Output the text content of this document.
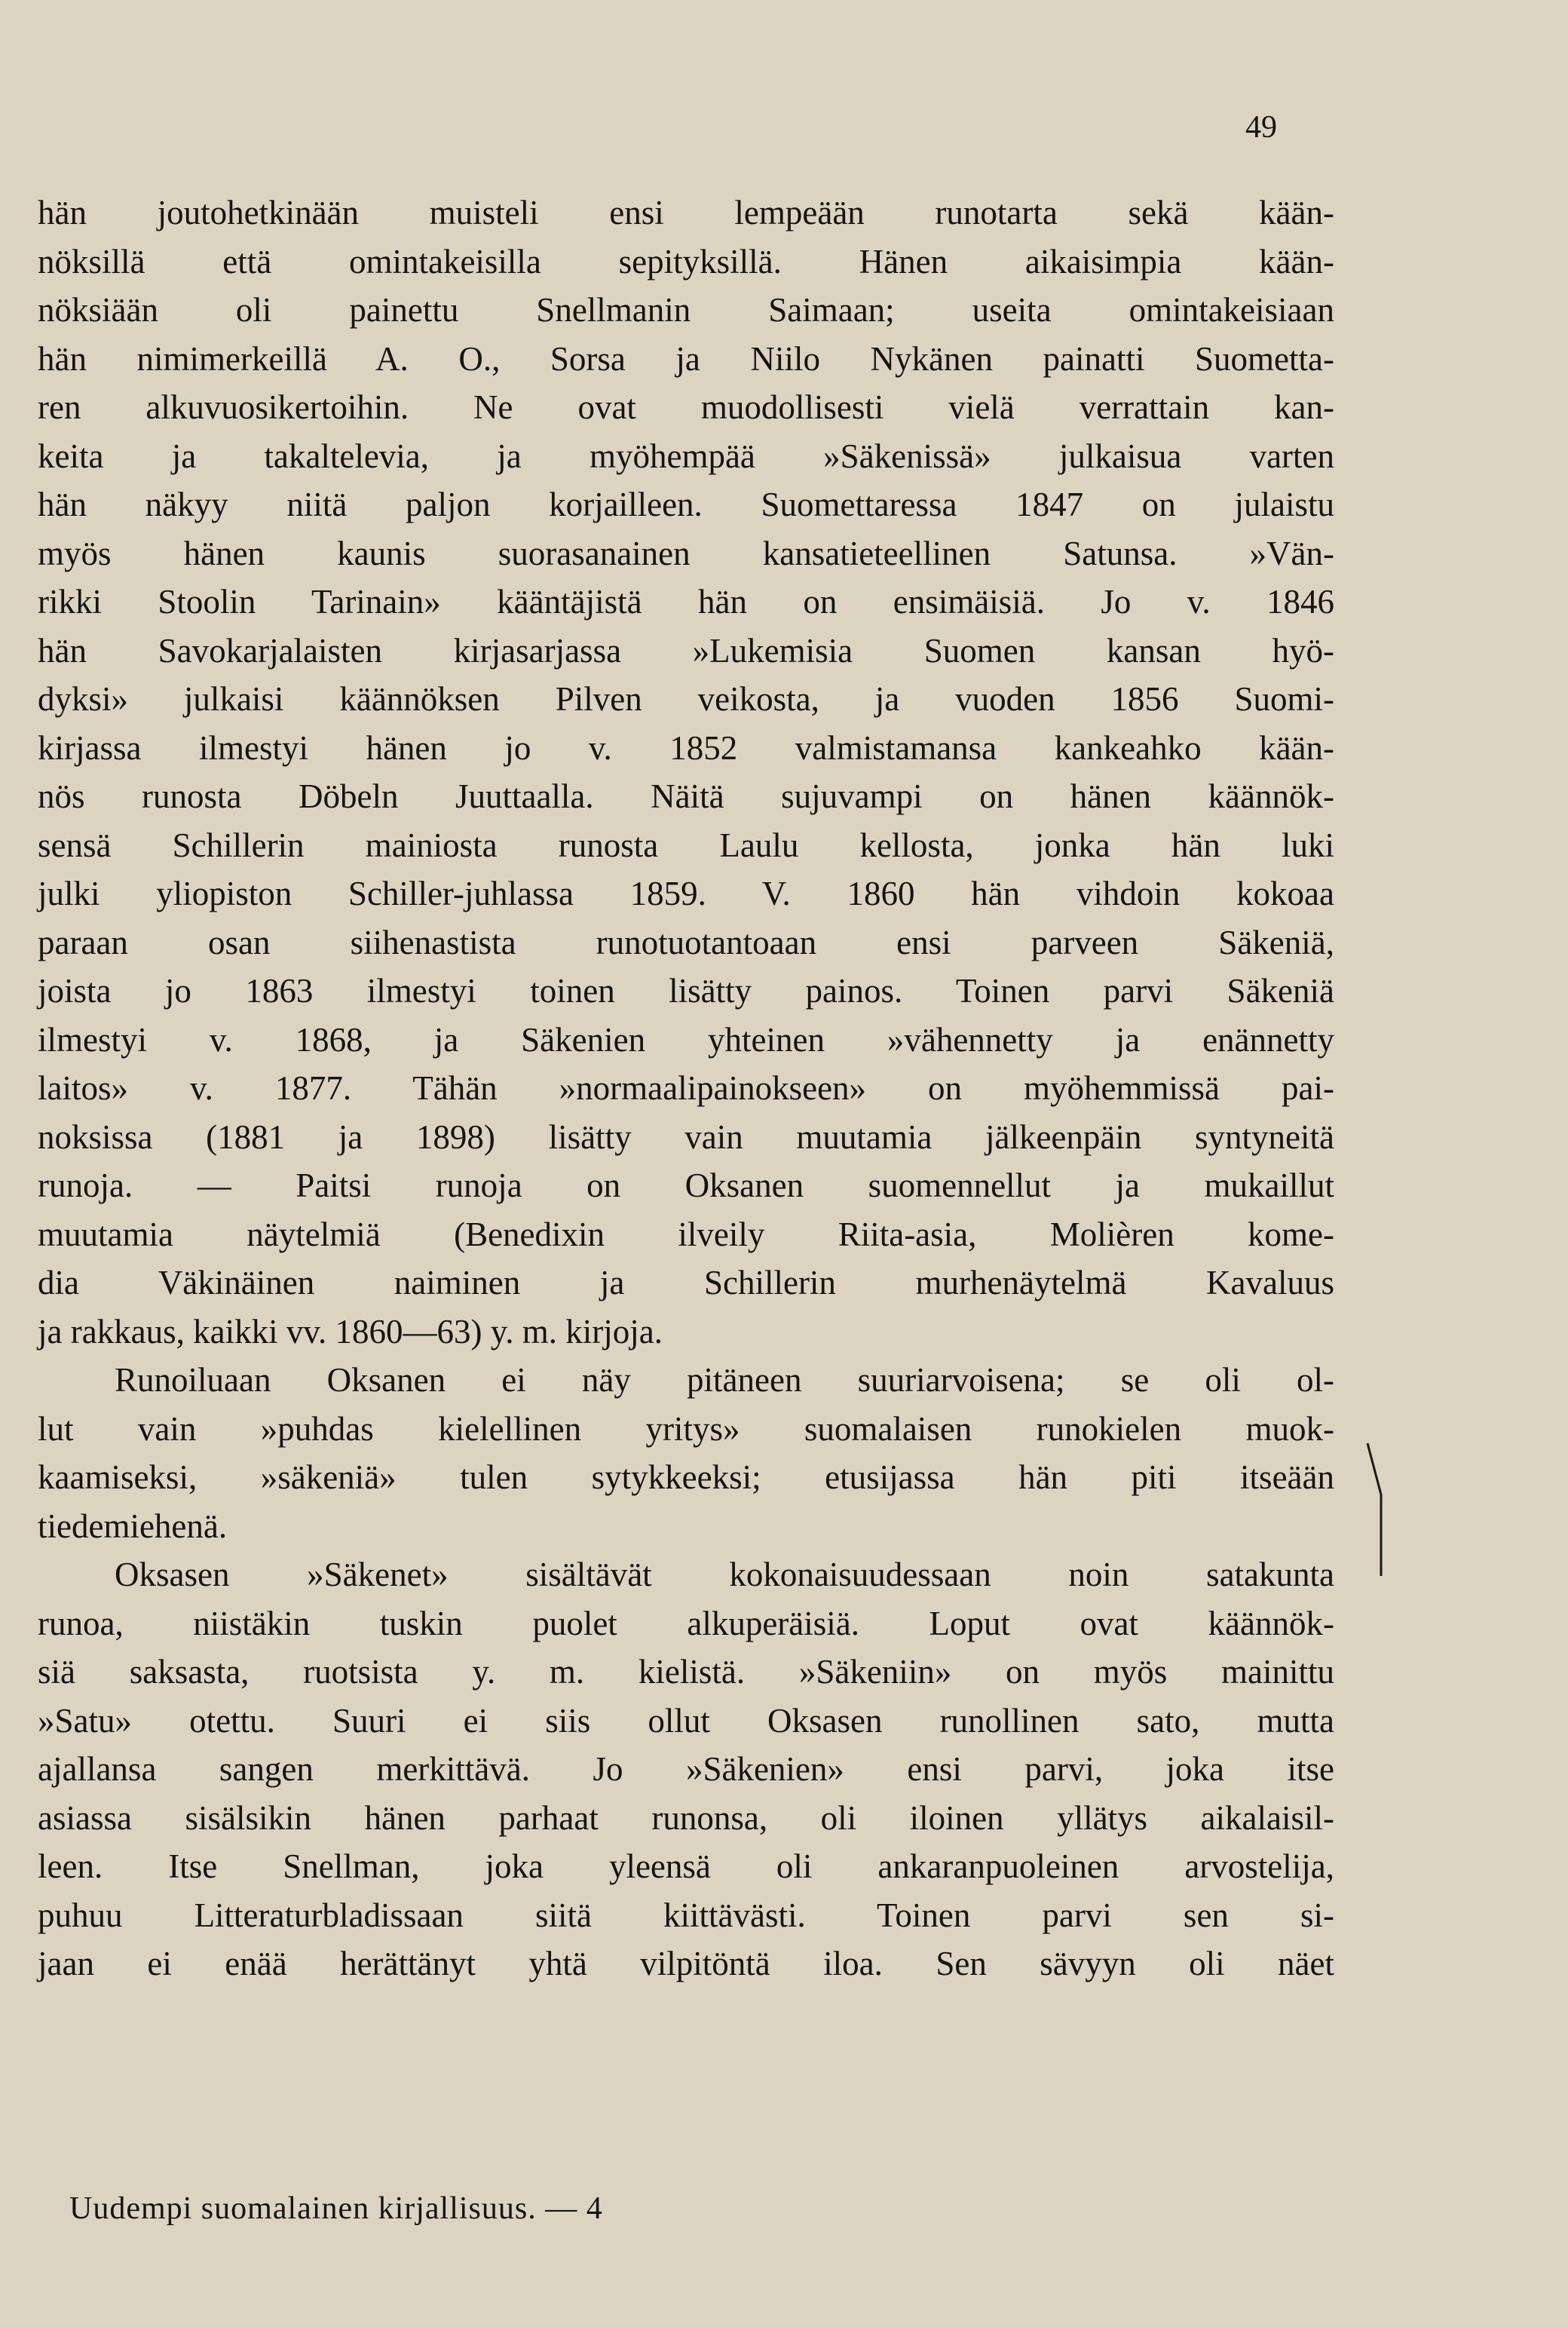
49
hän joutohetkinään muisteli ensi lempeään runotarta sekä kään-
nöksillä että omintakeisilla sepityksillä. Hänen aikaisimpia kään-
nöksiään oli painettu Snellmanin Saimaan; useita omintakeisiaan
hän nimimerkeillä A. O., Sorsa ja Niilo Nykänen painatti Suometta-
ren alkuvuosikertoihin. Ne ovat muodollisesti vielä verrattain kan-
keita ja takaltelevia, ja myöhempää »Säkenissä» julkaisua varten
hän näkyy niitä paljon korjailleen. Suomettaressa 1847 on julaistu
myös hänen kaunis suorasanainen kansatieteellinen Satunsa. »Vän-
rikki Stoolin Tarinain» kääntäjistä hän on ensimäisiä. Jo v. 1846
hän Savokarjalaisten kirjasarjassa »Lukemisia Suomen kansan hyö-
dyksi» julkaisi käännöksen Pilven veikosta, ja vuoden 1856 Suomi-
kirjassa ilmestyi hänen jo v. 1852 valmistamansa kankeahko kään-
nös runosta Döbeln Juuttaalla. Näitä sujuvampi on hänen käännök-
sensä Schillerin mainiosta runosta Laulu kellosta, jonka hän luki
julki yliopiston Schiller-juhlassa 1859. V. 1860 hän vihdoin kokoaa
paraan osan siihenastista runotuotantoaan ensi parveen Säkeniä,
joista jo 1863 ilmestyi toinen lisätty painos. Toinen parvi Säkeniä
ilmestyi v. 1868, ja Säkenien yhteinen »vähennetty ja enännetty
laitos» v. 1877. Tähän »normaalipainokseen» on myöhemmissä pai-
noksissa (1881 ja 1898) lisätty vain muutamia jälkeenpäin syntyneitä
runoja. — Paitsi runoja on Oksanen suomennellut ja mukaillut
muutamia näytelmiä (Benedixin ilveily Riita-asia, Molièren kome-
dia Väkinäinen naiminen ja Schillerin murhenäytelmä Kavaluus
ja rakkaus, kaikki vv. 1860—63) y. m. kirjoja.
Runoiluaan Oksanen ei näy pitäneen suuriarvoisena; se oli ol-
lut vain »puhdas kielellinen yritys» suomalaisen runokielen muok-
kaamiseksi, »säkeniä» tulen sytykkeeksi; etusijassa hän piti itseään
tiedemiehenä.
Oksasen »Säkenet» sisältävät kokonaisuudessaan noin satakunta
runoa, niistäkin tuskin puolet alkuperäisiä. Loput ovat käännök-
siä saksasta, ruotsista y. m. kielistä. »Säkeniin» on myös mainittu
»Satu» otettu. Suuri ei siis ollut Oksasen runollinen sato, mutta
ajallansa sangen merkittävä. Jo »Säkenien» ensi parvi, joka itse
asiassa sisälsikin hänen parhaat runonsa, oli iloinen yllätys aikalaisil-
leen. Itse Snellman, joka yleensä oli ankaranpuoleinen arvostelija,
puhuu Litteraturbladissaan siitä kiittävästi. Toinen parvi sen si-
jaan ei enää herättänyt yhtä vilpitöntä iloa. Sen sävyyn oli näet
Uudempi suomalainen kirjallisuus. — 4
